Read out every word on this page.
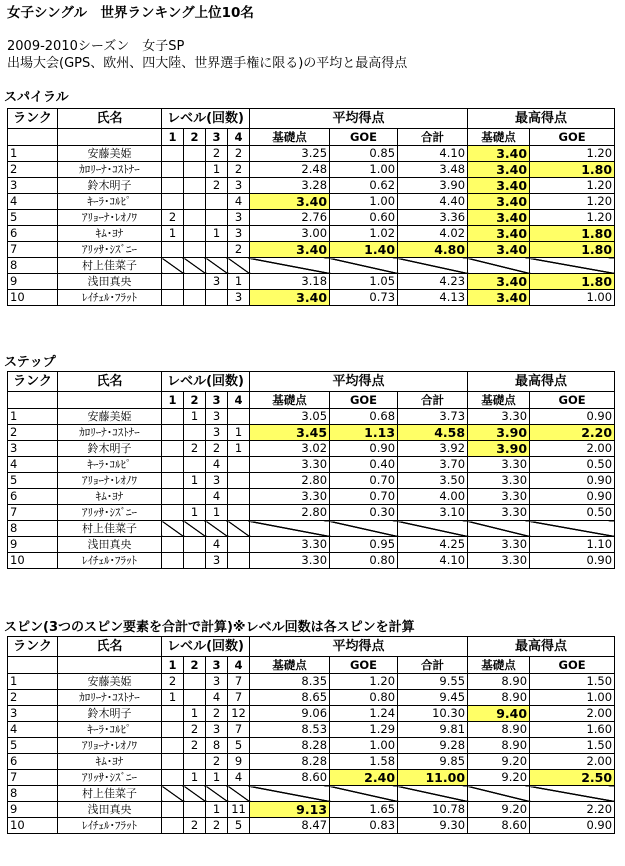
女子シングル　世界ランキング上位10名
2009-2010シーズン　女子SP
出場大会(GPS、欧州、四大陸、世界選手権に限る)の平均と最高得点
スパイラル
ランク	氏名	レベル(回数)				平均得点			最高得点	
		1	2	3	4	基礎点	GOE	合計	基礎点	GOE
1	安藤美姫			2	2	3.25	0.85	4.10	3.40	1.20
2	ｶﾛﾘｰﾅ･ｺｽﾄﾅｰ			1	2	2.48	1.00	3.48	3.40	1.80
3	鈴木明子			2	3	3.28	0.62	3.90	3.40	1.20
4	ｷｰﾗ･ｺﾙﾋﾟ				4	3.40	1.00	4.40	3.40	1.20
5	ｱﾘｮｰﾅ･ﾚｵﾉﾜ	2			3	2.76	0.60	3.36	3.40	1.20
6	ｷﾑ･ﾖﾅ	1		1	3	3.00	1.02	4.02	3.40	1.80
7	ｱﾘｯｻ･ｼｽﾞﾆｰ				2	3.40	1.40	4.80	3.40	1.80
8	村上佳菜子									
9	浅田真央			3	1	3.18	1.05	4.23	3.40	1.80
10	ﾚｲﾁｪﾙ･ﾌﾗｯﾄ				3	3.40	0.73	4.13	3.40	1.00
ステップ
ランク	氏名	レベル(回数)				平均得点			最高得点	
		1	2	3	4	基礎点	GOE	合計	基礎点	GOE
1	安藤美姫		1	3		3.05	0.68	3.73	3.30	0.90
2	ｶﾛﾘｰﾅ･ｺｽﾄﾅｰ			3	1	3.45	1.13	4.58	3.90	2.20
3	鈴木明子		2	2	1	3.02	0.90	3.92	3.90	2.00
4	ｷｰﾗ･ｺﾙﾋﾟ			4		3.30	0.40	3.70	3.30	0.50
5	ｱﾘｮｰﾅ･ﾚｵﾉﾜ		1	3		2.80	0.70	3.50	3.30	0.90
6	ｷﾑ･ﾖﾅ			4		3.30	0.70	4.00	3.30	0.90
7	ｱﾘｯｻ･ｼｽﾞﾆｰ		1	1		2.80	0.30	3.10	3.30	0.50
8	村上佳菜子									
9	浅田真央			4		3.30	0.95	4.25	3.30	1.10
10	ﾚｲﾁｪﾙ･ﾌﾗｯﾄ			3		3.30	0.80	4.10	3.30	0.90
スピン(3つのスピン要素を合計で計算)※レベル回数は各スピンを計算
ランク	氏名	レベル(回数)				平均得点			最高得点	
		1	2	3	4	基礎点	GOE	合計	基礎点	GOE
1	安藤美姫	2		3	7	8.35	1.20	9.55	8.90	1.50
2	ｶﾛﾘｰﾅ･ｺｽﾄﾅｰ	1		4	7	8.65	0.80	9.45	8.90	1.00
3	鈴木明子		1	2	12	9.06	1.24	10.30	9.40	2.00
4	ｷｰﾗ･ｺﾙﾋﾟ		2	3	7	8.53	1.29	9.81	8.90	1.60
5	ｱﾘｮｰﾅ･ﾚｵﾉﾜ		2	8	5	8.28	1.00	9.28	8.90	1.50
6	ｷﾑ･ﾖﾅ			2	9	8.28	1.58	9.85	9.20	2.00
7	ｱﾘｯｻ･ｼｽﾞﾆｰ		1	1	4	8.60	2.40	11.00	9.20	2.50
8	村上佳菜子									
9	浅田真央			1	11	9.13	1.65	10.78	9.20	2.20
10	ﾚｲﾁｪﾙ･ﾌﾗｯﾄ		2	2	5	8.47	0.83	9.30	8.60	0.90
